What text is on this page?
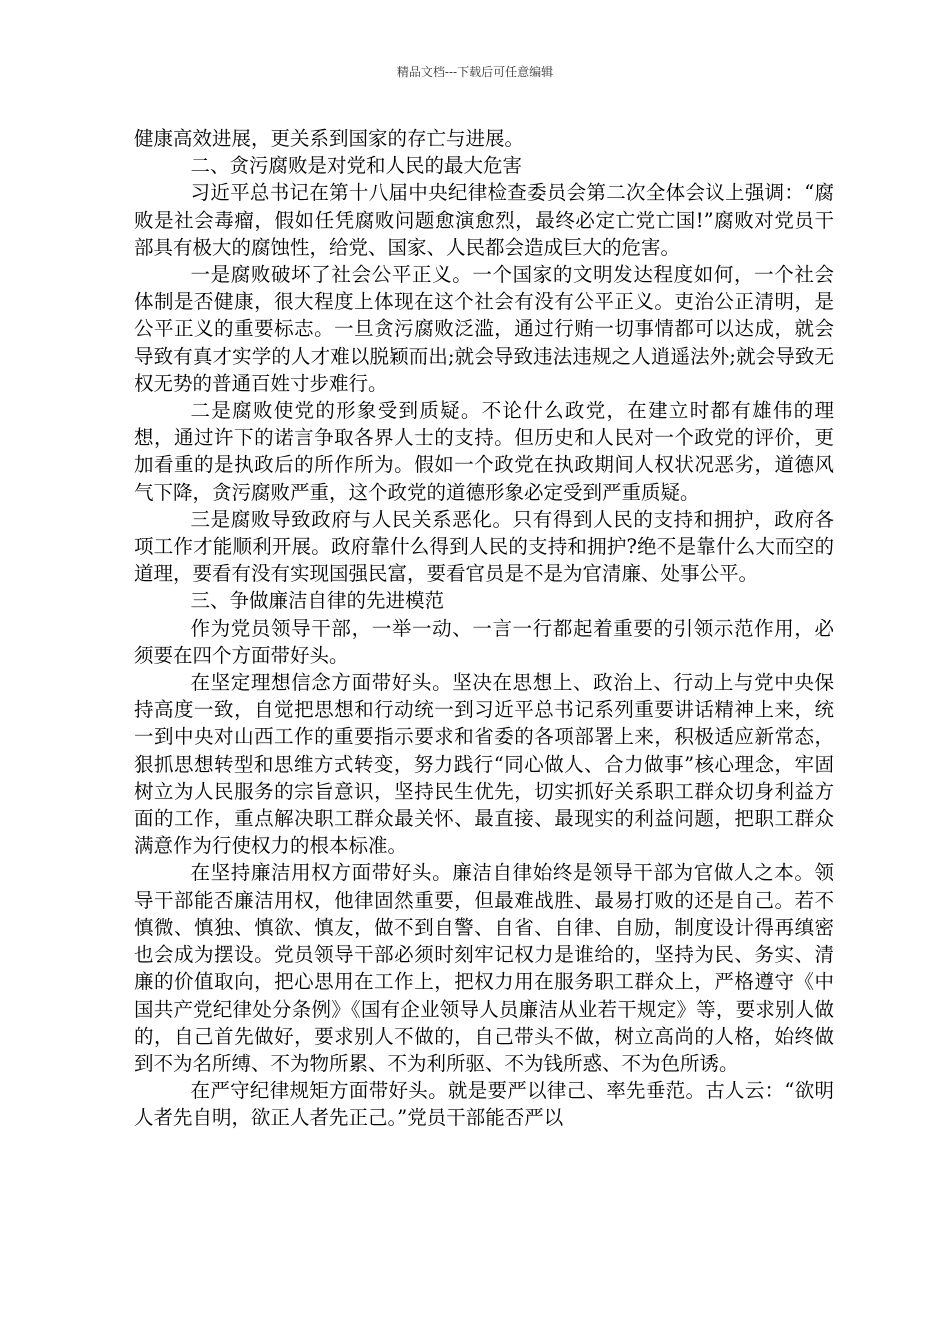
精品文档---下载后可任意编辑

健康高效进展，更关系到国家的存亡与进展。

二、贪污腐败是对党和人民的最大危害

习近平总书记在第十八届中央纪律检查委员会第二次全体会议上强调：“腐败是社会毒瘤，假如任凭腐败问题愈演愈烈，最终必定亡党亡国!”腐败对党员干部具有极大的腐蚀性，给党、国家、人民都会造成巨大的危害。

一是腐败破坏了社会公平正义。一个国家的文明发达程度如何，一个社会体制是否健康，很大程度上体现在这个社会有没有公平正义。吏治公正清明，是公平正义的重要标志。一旦贪污腐败泛滥，通过行贿一切事情都可以达成，就会导致有真才实学的人才难以脱颖而出;就会导致违法违规之人逍遥法外;就会导致无权无势的普通百姓寸步难行。

二是腐败使党的形象受到质疑。不论什么政党，在建立时都有雄伟的理想，通过许下的诺言争取各界人士的支持。但历史和人民对一个政党的评价，更加看重的是执政后的所作所为。假如一个政党在执政期间人权状况恶劣，道德风气下降，贪污腐败严重，这个政党的道德形象必定受到严重质疑。

三是腐败导致政府与人民关系恶化。只有得到人民的支持和拥护，政府各项工作才能顺利开展。政府靠什么得到人民的支持和拥护?绝不是靠什么大而空的道理，要看有没有实现国强民富，要看官员是不是为官清廉、处事公平。

三、争做廉洁自律的先进模范

作为党员领导干部，一举一动、一言一行都起着重要的引领示范作用，必须要在四个方面带好头。

在坚定理想信念方面带好头。坚决在思想上、政治上、行动上与党中央保持高度一致，自觉把思想和行动统一到习近平总书记系列重要讲话精神上来，统一到中央对山西工作的重要指示要求和省委的各项部署上来，积极适应新常态，狠抓思想转型和思维方式转变，努力践行“同心做人、合力做事”核心理念，牢固树立为人民服务的宗旨意识，坚持民生优先，切实抓好关系职工群众切身利益方面的工作，重点解决职工群众最关怀、最直接、最现实的利益问题，把职工群众满意作为行使权力的根本标准。

在坚持廉洁用权方面带好头。廉洁自律始终是领导干部为官做人之本。领导干部能否廉洁用权，他律固然重要，但最难战胜、最易打败的还是自己。若不慎微、慎独、慎欲、慎友，做不到自警、自省、自律、自励，制度设计得再缜密也会成为摆设。党员领导干部必须时刻牢记权力是谁给的，坚持为民、务实、清廉的价值取向，把心思用在工作上，把权力用在服务职工群众上，严格遵守《中国共产党纪律处分条例》《国有企业领导人员廉洁从业若干规定》等，要求别人做的，自己首先做好，要求别人不做的，自己带头不做，树立高尚的人格，始终做到不为名所缚、不为物所累、不为利所驱、不为钱所惑、不为色所诱。

在严守纪律规矩方面带好头。就是要严以律己、率先垂范。古人云：“欲明人者先自明，欲正人者先正己。”党员干部能否严以
